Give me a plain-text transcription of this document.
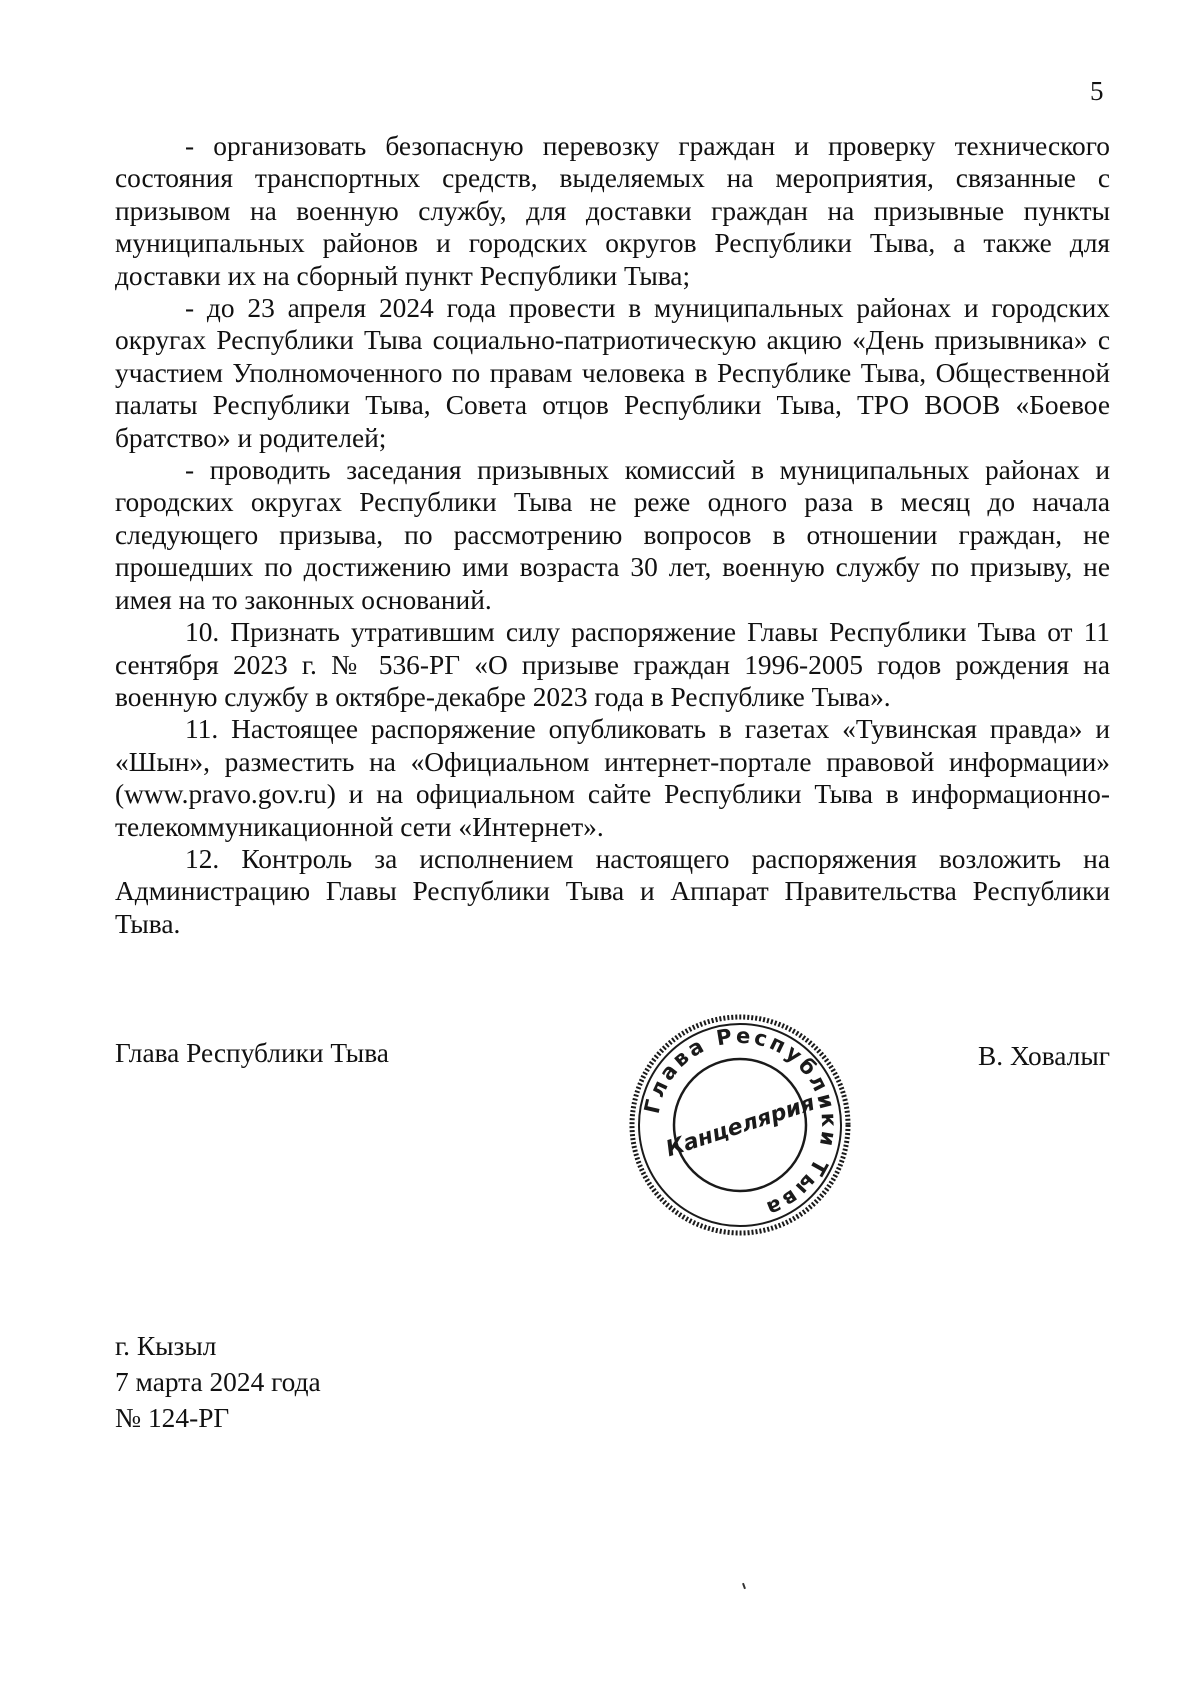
5

- организовать безопасную перевозку граждан и проверку технического состояния транспортных средств, выделяемых на мероприятия, связанные с призывом на военную службу, для доставки граждан на призывные пункты муниципальных районов и городских округов Республики Тыва, а также для доставки их на сборный пункт Республики Тыва;

- до 23 апреля 2024 года провести в муниципальных районах и городских округах Республики Тыва социально-патриотическую акцию «День призывника» с участием Уполномоченного по правам человека в Республике Тыва, Общественной палаты Республики Тыва, Совета отцов Республики Тыва, ТРО ВООВ «Боевое братство» и родителей;

- проводить заседания призывных комиссий в муниципальных районах и городских округах Республики Тыва не реже одного раза в месяц до начала следующего призыва, по рассмотрению вопросов в отношении граждан, не прошедших по достижению ими возраста 30 лет, военную службу по призыву, не имея на то законных оснований.

10. Признать утратившим силу распоряжение Главы Республики Тыва от 11 сентября 2023 г. № 536-РГ «О призыве граждан 1996-2005 годов рождения на военную службу в октябре-декабре 2023 года в Республике Тыва».

11. Настоящее распоряжение опубликовать в газетах «Тувинская правда» и «Шын», разместить на «Официальном интернет-портале правовой информации» (www.pravo.gov.ru) и на официальном сайте Республики Тыва в информационно-телекоммуникационной сети «Интернет».

12. Контроль за исполнением настоящего распоряжения возложить на Администрацию Главы Республики Тыва и Аппарат Правительства Республики Тыва.

Глава Республики Тыва	В. Ховалыг
Глава Республики Тыва
Канцелярия
г. Кызыл
7 марта 2024 года
№ 124-РГ
